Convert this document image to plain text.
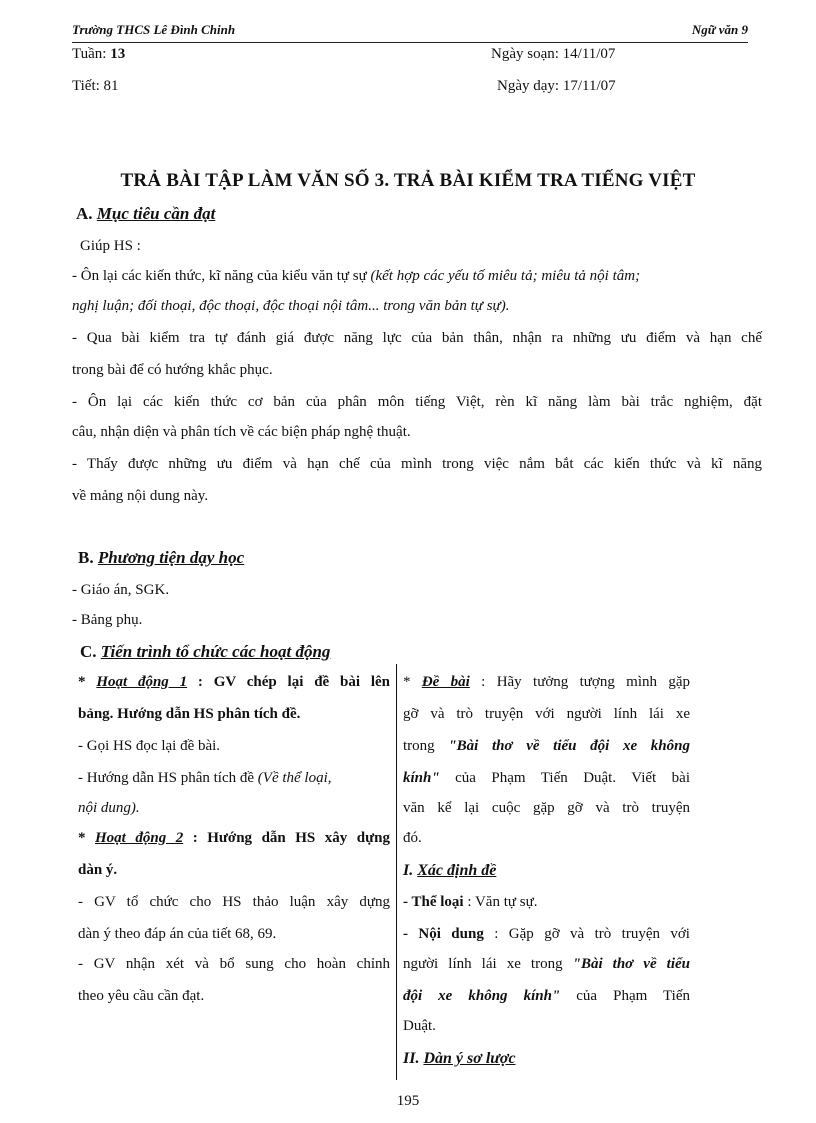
Trường THCS Lê Đình Chinh	Ngữ văn 9
Tuần: 13
Tiết: 81
Ngày soạn: 14/11/07
Ngày dạy: 17/11/07
TRẢ BÀI TẬP LÀM VĂN SỐ 3. TRẢ BÀI KIỂM TRA TIẾNG VIỆT
A. Mục tiêu cần đạt
Giúp HS :
- Ôn lại các kiến thức, kĩ năng của kiểu văn tự sự (kết hợp các yếu tố miêu tả; miêu tả nội tâm;
nghị luận; đối thoại, độc thoại, độc thoại nội tâm... trong văn bản tự sự).
- Qua bài kiểm tra tự đánh giá được năng lực của bản thân, nhận ra những ưu điểm và hạn chế
trong bài để có hướng khắc phục.
- Ôn lại các kiến thức cơ bản của phân môn tiếng Việt, rèn kĩ năng làm bài trắc nghiệm, đặt
câu, nhận diện và phân tích về các biện pháp nghệ thuật.
- Thấy được những ưu điểm và hạn chế của mình trong việc nắm bắt các kiến thức và kĩ năng
về mảng nội dung này.
B. Phương tiện dạy học
- Giáo án, SGK.
- Bảng phụ.
C. Tiến trình tổ chức các hoạt động
* Hoạt động 1 : GV chép lại đề bài lên
bảng. Hướng dẫn HS phân tích đề.
- Gọi HS đọc lại đề bài.
- Hướng dẫn HS phân tích đề (Về thể loại,
nội dung).
* Hoạt động 2 : Hướng dẫn HS xây dựng
dàn ý.
- GV tổ chức cho HS thảo luận xây dựng
dàn ý theo đáp án của tiết 68, 69.
- GV nhận xét và bổ sung cho hoàn chỉnh
theo yêu cầu cần đạt.
* Đề bài : Hãy tưởng tượng mình gặp
gỡ và trò truyện với người lính lái xe
trong "Bài thơ về tiểu đội xe không
kính" của Phạm Tiến Duật. Viết bài
văn kể lại cuộc gặp gỡ và trò truyện
đó.
I. Xác định đề
- Thể loại : Văn tự sự.
- Nội dung : Gặp gỡ và trò truyện với
người lính lái xe trong "Bài thơ về tiểu
đội xe không kính" của Phạm Tiến
Duật.
II. Dàn ý sơ lược
195
